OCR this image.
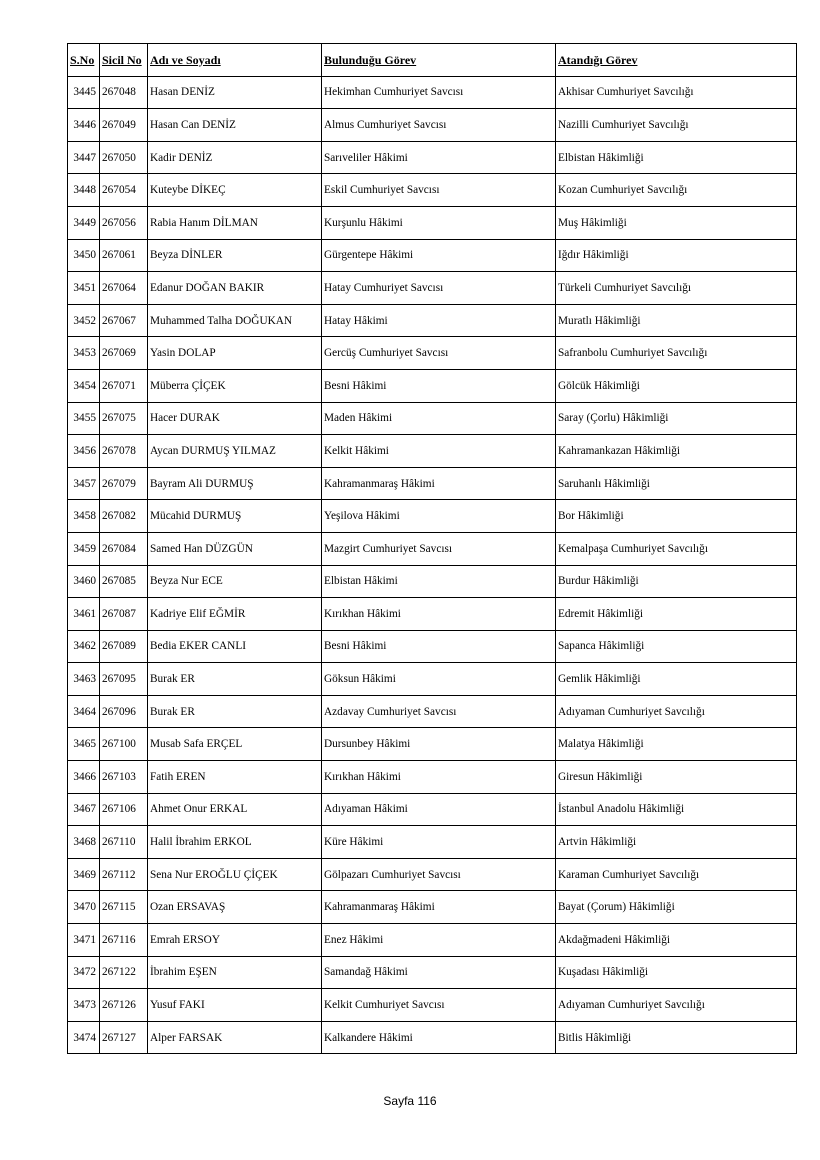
S.No	Sicil No	Adı ve Soyadı	Bulunduğu Görev	Atandığı Görev
3445	267048	Hasan DENİZ	Hekimhan Cumhuriyet Savcısı	Akhisar Cumhuriyet Savcılığı
3446	267049	Hasan Can DENİZ	Almus Cumhuriyet Savcısı	Nazilli Cumhuriyet Savcılığı
3447	267050	Kadir DENİZ	Sarıveliler Hâkimi	Elbistan Hâkimliği
3448	267054	Kuteybe DİKEÇ	Eskil Cumhuriyet Savcısı	Kozan Cumhuriyet Savcılığı
3449	267056	Rabia Hanım DİLMAN	Kurşunlu Hâkimi	Muş Hâkimliği
3450	267061	Beyza DİNLER	Gürgentepe Hâkimi	Iğdır Hâkimliği
3451	267064	Edanur DOĞAN BAKIR	Hatay Cumhuriyet Savcısı	Türkeli Cumhuriyet Savcılığı
3452	267067	Muhammed Talha DOĞUKAN	Hatay Hâkimi	Muratlı Hâkimliği
3453	267069	Yasin DOLAP	Gercüş Cumhuriyet Savcısı	Safranbolu Cumhuriyet Savcılığı
3454	267071	Müberra ÇİÇEK	Besni Hâkimi	Gölcük Hâkimliği
3455	267075	Hacer DURAK	Maden Hâkimi	Saray (Çorlu) Hâkimliği
3456	267078	Aycan DURMUŞ YILMAZ	Kelkit Hâkimi	Kahramankazan Hâkimliği
3457	267079	Bayram Ali DURMUŞ	Kahramanmaraş Hâkimi	Saruhanlı Hâkimliği
3458	267082	Mücahid DURMUŞ	Yeşilova Hâkimi	Bor Hâkimliği
3459	267084	Samed Han DÜZGÜN	Mazgirt Cumhuriyet Savcısı	Kemalpaşa Cumhuriyet Savcılığı
3460	267085	Beyza Nur ECE	Elbistan Hâkimi	Burdur Hâkimliği
3461	267087	Kadriye Elif EĞMİR	Kırıkhan Hâkimi	Edremit Hâkimliği
3462	267089	Bedia EKER CANLI	Besni Hâkimi	Sapanca Hâkimliği
3463	267095	Burak ER	Göksun Hâkimi	Gemlik Hâkimliği
3464	267096	Burak ER	Azdavay Cumhuriyet Savcısı	Adıyaman Cumhuriyet Savcılığı
3465	267100	Musab Safa ERÇEL	Dursunbey Hâkimi	Malatya Hâkimliği
3466	267103	Fatih EREN	Kırıkhan Hâkimi	Giresun Hâkimliği
3467	267106	Ahmet Onur ERKAL	Adıyaman Hâkimi	İstanbul Anadolu Hâkimliği
3468	267110	Halil İbrahim ERKOL	Küre Hâkimi	Artvin Hâkimliği
3469	267112	Sena Nur EROĞLU ÇİÇEK	Gölpazarı Cumhuriyet Savcısı	Karaman Cumhuriyet Savcılığı
3470	267115	Ozan ERSAVAŞ	Kahramanmaraş Hâkimi	Bayat (Çorum) Hâkimliği
3471	267116	Emrah ERSOY	Enez Hâkimi	Akdağmadeni Hâkimliği
3472	267122	İbrahim EŞEN	Samandağ Hâkimi	Kuşadası Hâkimliği
3473	267126	Yusuf FAKI	Kelkit Cumhuriyet Savcısı	Adıyaman Cumhuriyet Savcılığı
3474	267127	Alper FARSAK	Kalkandere Hâkimi	Bitlis Hâkimliği
Sayfa 116
